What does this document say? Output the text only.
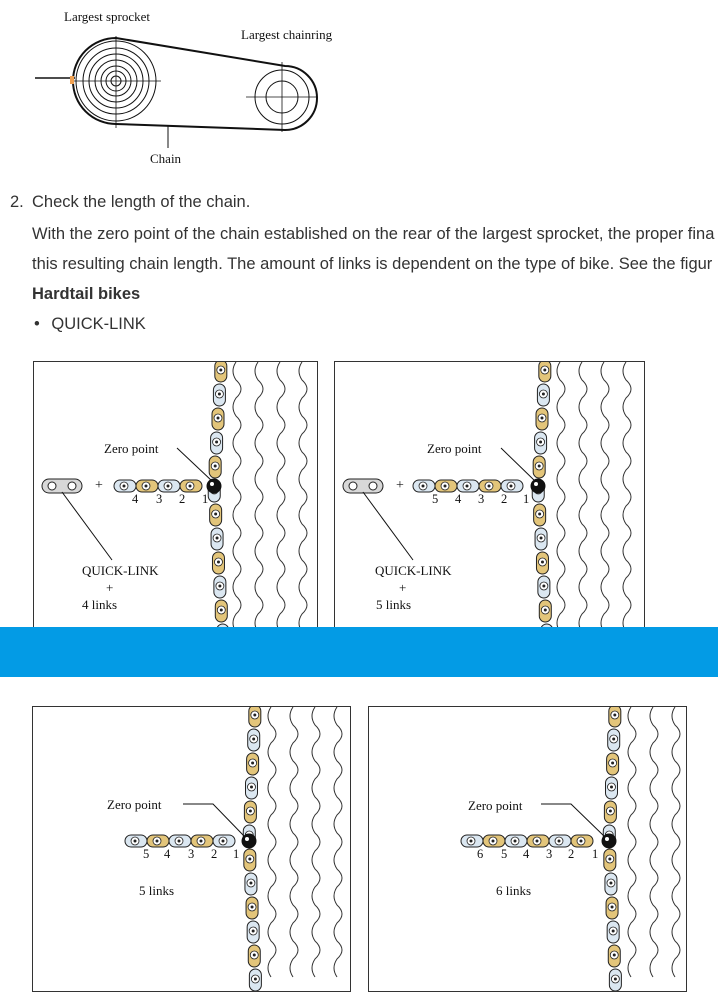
Largest sprocket
Largest chainring
Chain
2. Check the length of the chain.
With the zero point of the chain established on the rear of the largest sprocket, the proper fina
this resulting chain length. The amount of links is dependent on the type of bike. See the figur
Hardtail bikes
• QUICK-LINK
Zero point
+
QUICK-LINK
+
4 links
4 3 2 1
Zero point
+
QUICK-LINK
+
5 links
5 4 3 2 1
Zero point
5 links
5 4 3 2 1
Zero point
6 links
6 5 4 3 2 1
